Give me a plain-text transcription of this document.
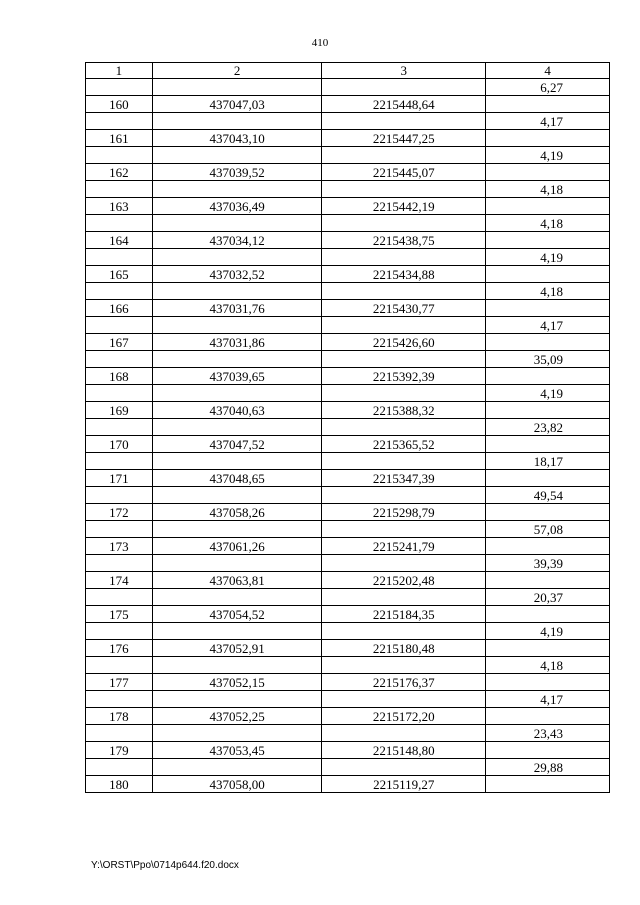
410
1	2	3	4
			6,27
160	437047,03	2215448,64	
			4,17
161	437043,10	2215447,25	
			4,19
162	437039,52	2215445,07	
			4,18
163	437036,49	2215442,19	
			4,18
164	437034,12	2215438,75	
			4,19
165	437032,52	2215434,88	
			4,18
166	437031,76	2215430,77	
			4,17
167	437031,86	2215426,60	
			35,09
168	437039,65	2215392,39	
			4,19
169	437040,63	2215388,32	
			23,82
170	437047,52	2215365,52	
			18,17
171	437048,65	2215347,39	
			49,54
172	437058,26	2215298,79	
			57,08
173	437061,26	2215241,79	
			39,39
174	437063,81	2215202,48	
			20,37
175	437054,52	2215184,35	
			4,19
176	437052,91	2215180,48	
			4,18
177	437052,15	2215176,37	
			4,17
178	437052,25	2215172,20	
			23,43
179	437053,45	2215148,80	
			29,88
180	437058,00	2215119,27	
Y:\ORST\Ppo\0714p644.f20.docx
